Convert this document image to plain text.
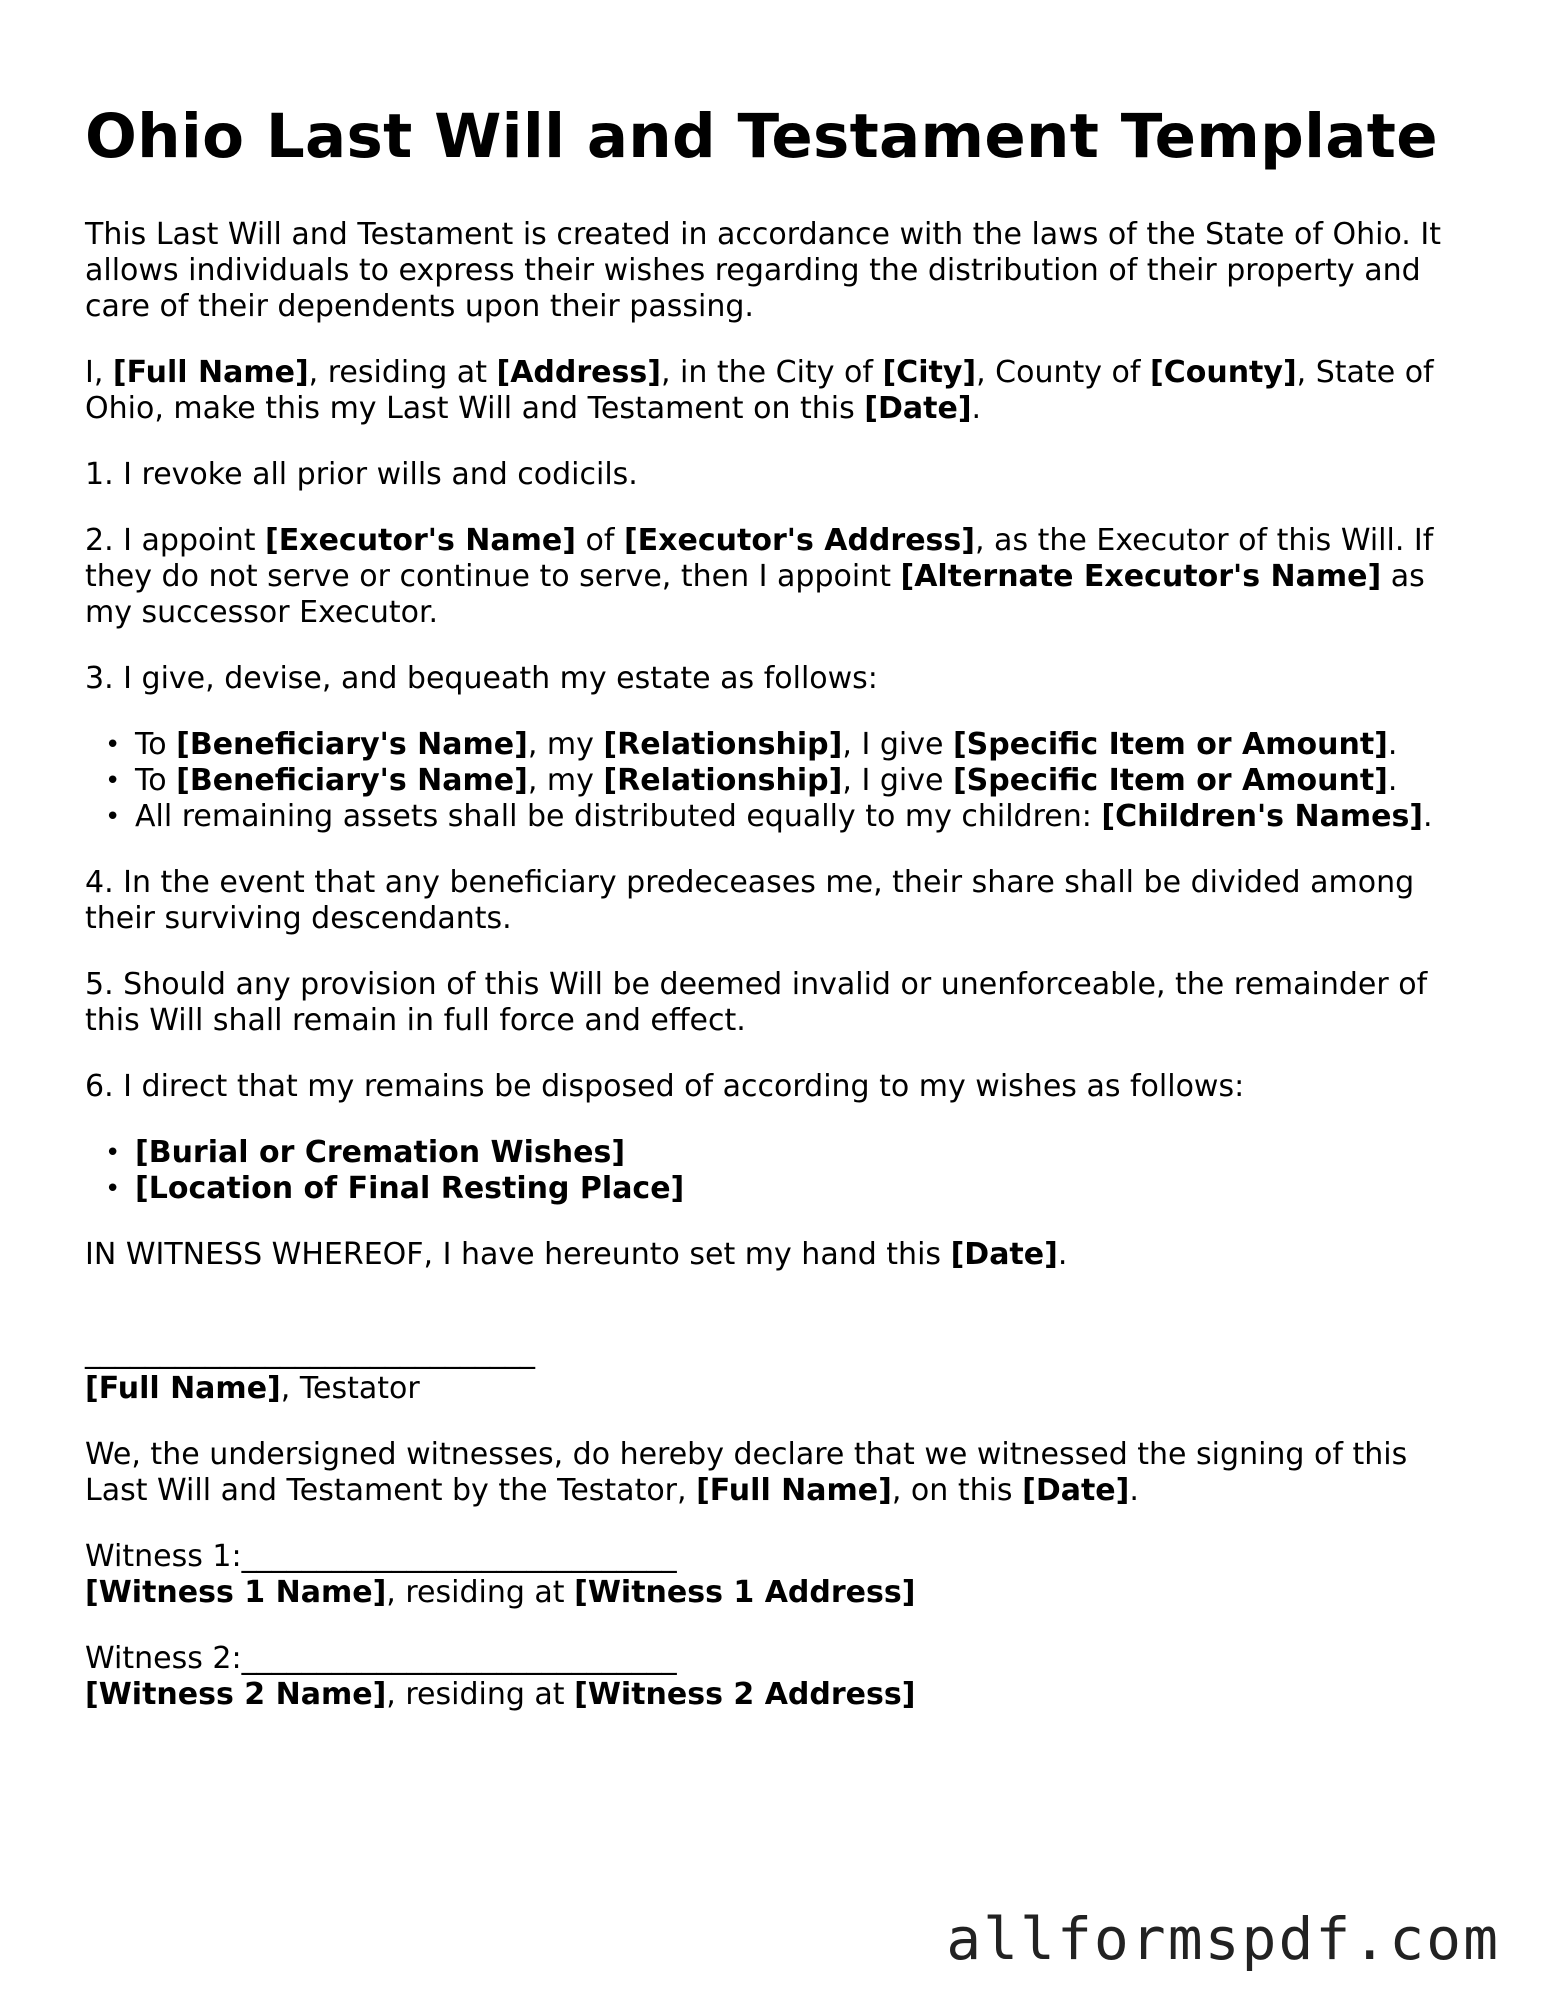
Ohio Last Will and Testament Template

This Last Will and Testament is created in accordance with the laws of the State of Ohio. It allows individuals to express their wishes regarding the distribution of their property and care of their dependents upon their passing.

I, [Full Name], residing at [Address], in the City of [City], County of [County], State of Ohio, make this my Last Will and Testament on this [Date].

1. I revoke all prior wills and codicils.

2. I appoint [Executor's Name] of [Executor's Address], as the Executor of this Will. If they do not serve or continue to serve, then I appoint [Alternate Executor's Name] as my successor Executor.

3. I give, devise, and bequeath my estate as follows:

• To [Beneficiary's Name], my [Relationship], I give [Specific Item or Amount].
• To [Beneficiary's Name], my [Relationship], I give [Specific Item or Amount].
• All remaining assets shall be distributed equally to my children: [Children's Names].

4. In the event that any beneficiary predeceases me, their share shall be divided among their surviving descendants.

5. Should any provision of this Will be deemed invalid or unenforceable, the remainder of this Will shall remain in full force and effect.

6. I direct that my remains be disposed of according to my wishes as follows:

• [Burial or Cremation Wishes]
• [Location of Final Resting Place]

IN WITNESS WHEREOF, I have hereunto set my hand this [Date].

______________________________
[Full Name], Testator

We, the undersigned witnesses, do hereby declare that we witnessed the signing of this Last Will and Testament by the Testator, [Full Name], on this [Date].

Witness 1:_____________________________
[Witness 1 Name], residing at [Witness 1 Address]

Witness 2:_____________________________
[Witness 2 Name], residing at [Witness 2 Address]

allformspdf.com
